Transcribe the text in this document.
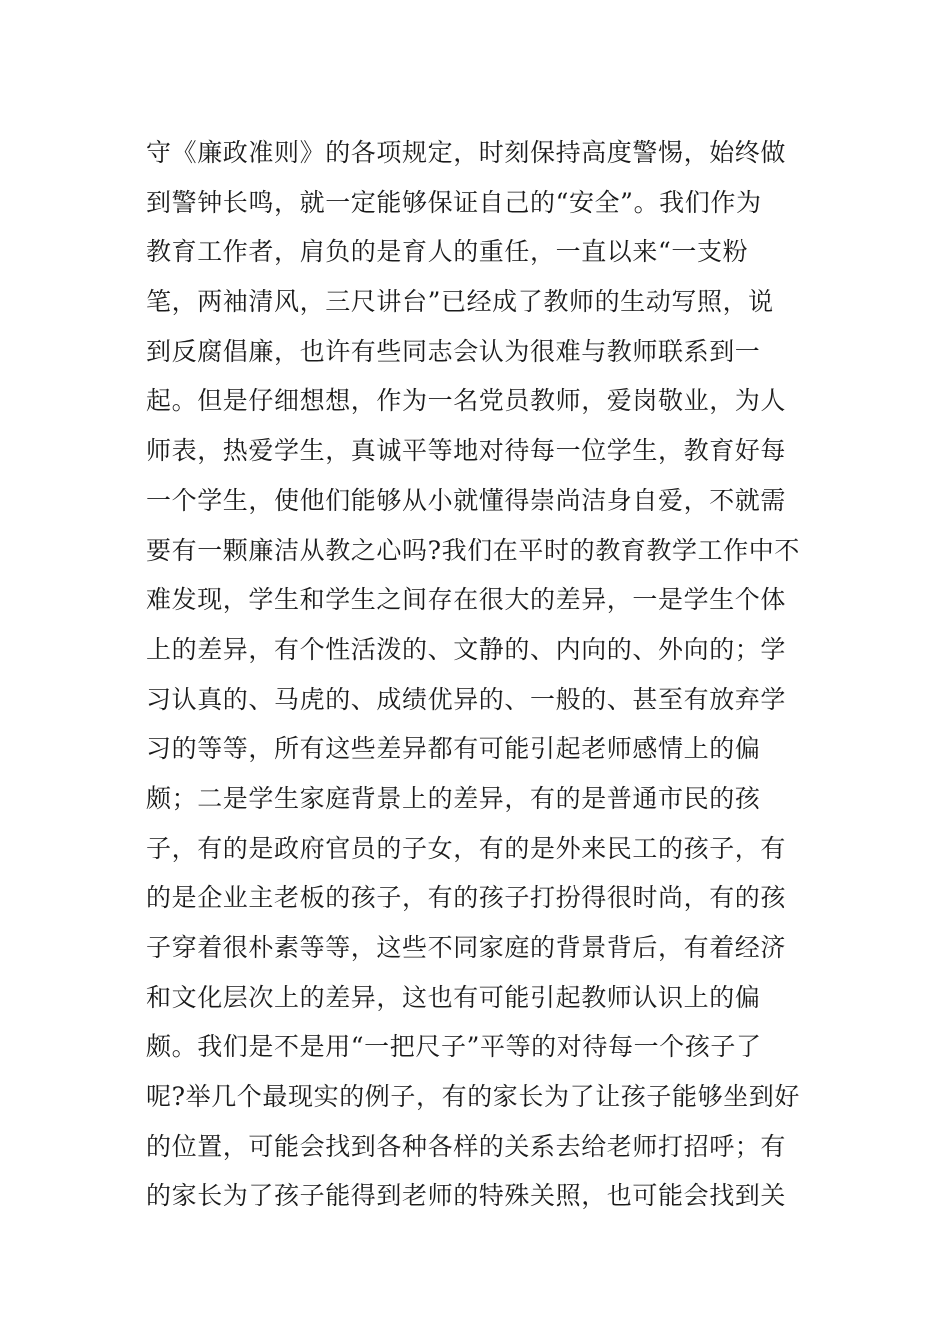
守《廉政准则》的各项规定，时刻保持高度警惕，始终做
到警钟长鸣，就一定能够保证自己的“安全”。我们作为
教育工作者，肩负的是育人的重任，一直以来“一支粉
笔，两袖清风，三尺讲台”已经成了教师的生动写照，说
到反腐倡廉，也许有些同志会认为很难与教师联系到一
起。但是仔细想想，作为一名党员教师，爱岗敬业，为人
师表，热爱学生，真诚平等地对待每一位学生，教育好每
一个学生，使他们能够从小就懂得崇尚洁身自爱，不就需
要有一颗廉洁从教之心吗?我们在平时的教育教学工作中不
难发现，学生和学生之间存在很大的差异，一是学生个体
上的差异，有个性活泼的、文静的、内向的、外向的；学
习认真的、马虎的、成绩优异的、一般的、甚至有放弃学
习的等等，所有这些差异都有可能引起老师感情上的偏
颇；二是学生家庭背景上的差异，有的是普通市民的孩
子，有的是政府官员的子女，有的是外来民工的孩子，有
的是企业主老板的孩子，有的孩子打扮得很时尚，有的孩
子穿着很朴素等等，这些不同家庭的背景背后，有着经济
和文化层次上的差异，这也有可能引起教师认识上的偏
颇。我们是不是用“一把尺子”平等的对待每一个孩子了
呢?举几个最现实的例子，有的家长为了让孩子能够坐到好
的位置，可能会找到各种各样的关系去给老师打招呼；有
的家长为了孩子能得到老师的特殊关照，也可能会找到关
